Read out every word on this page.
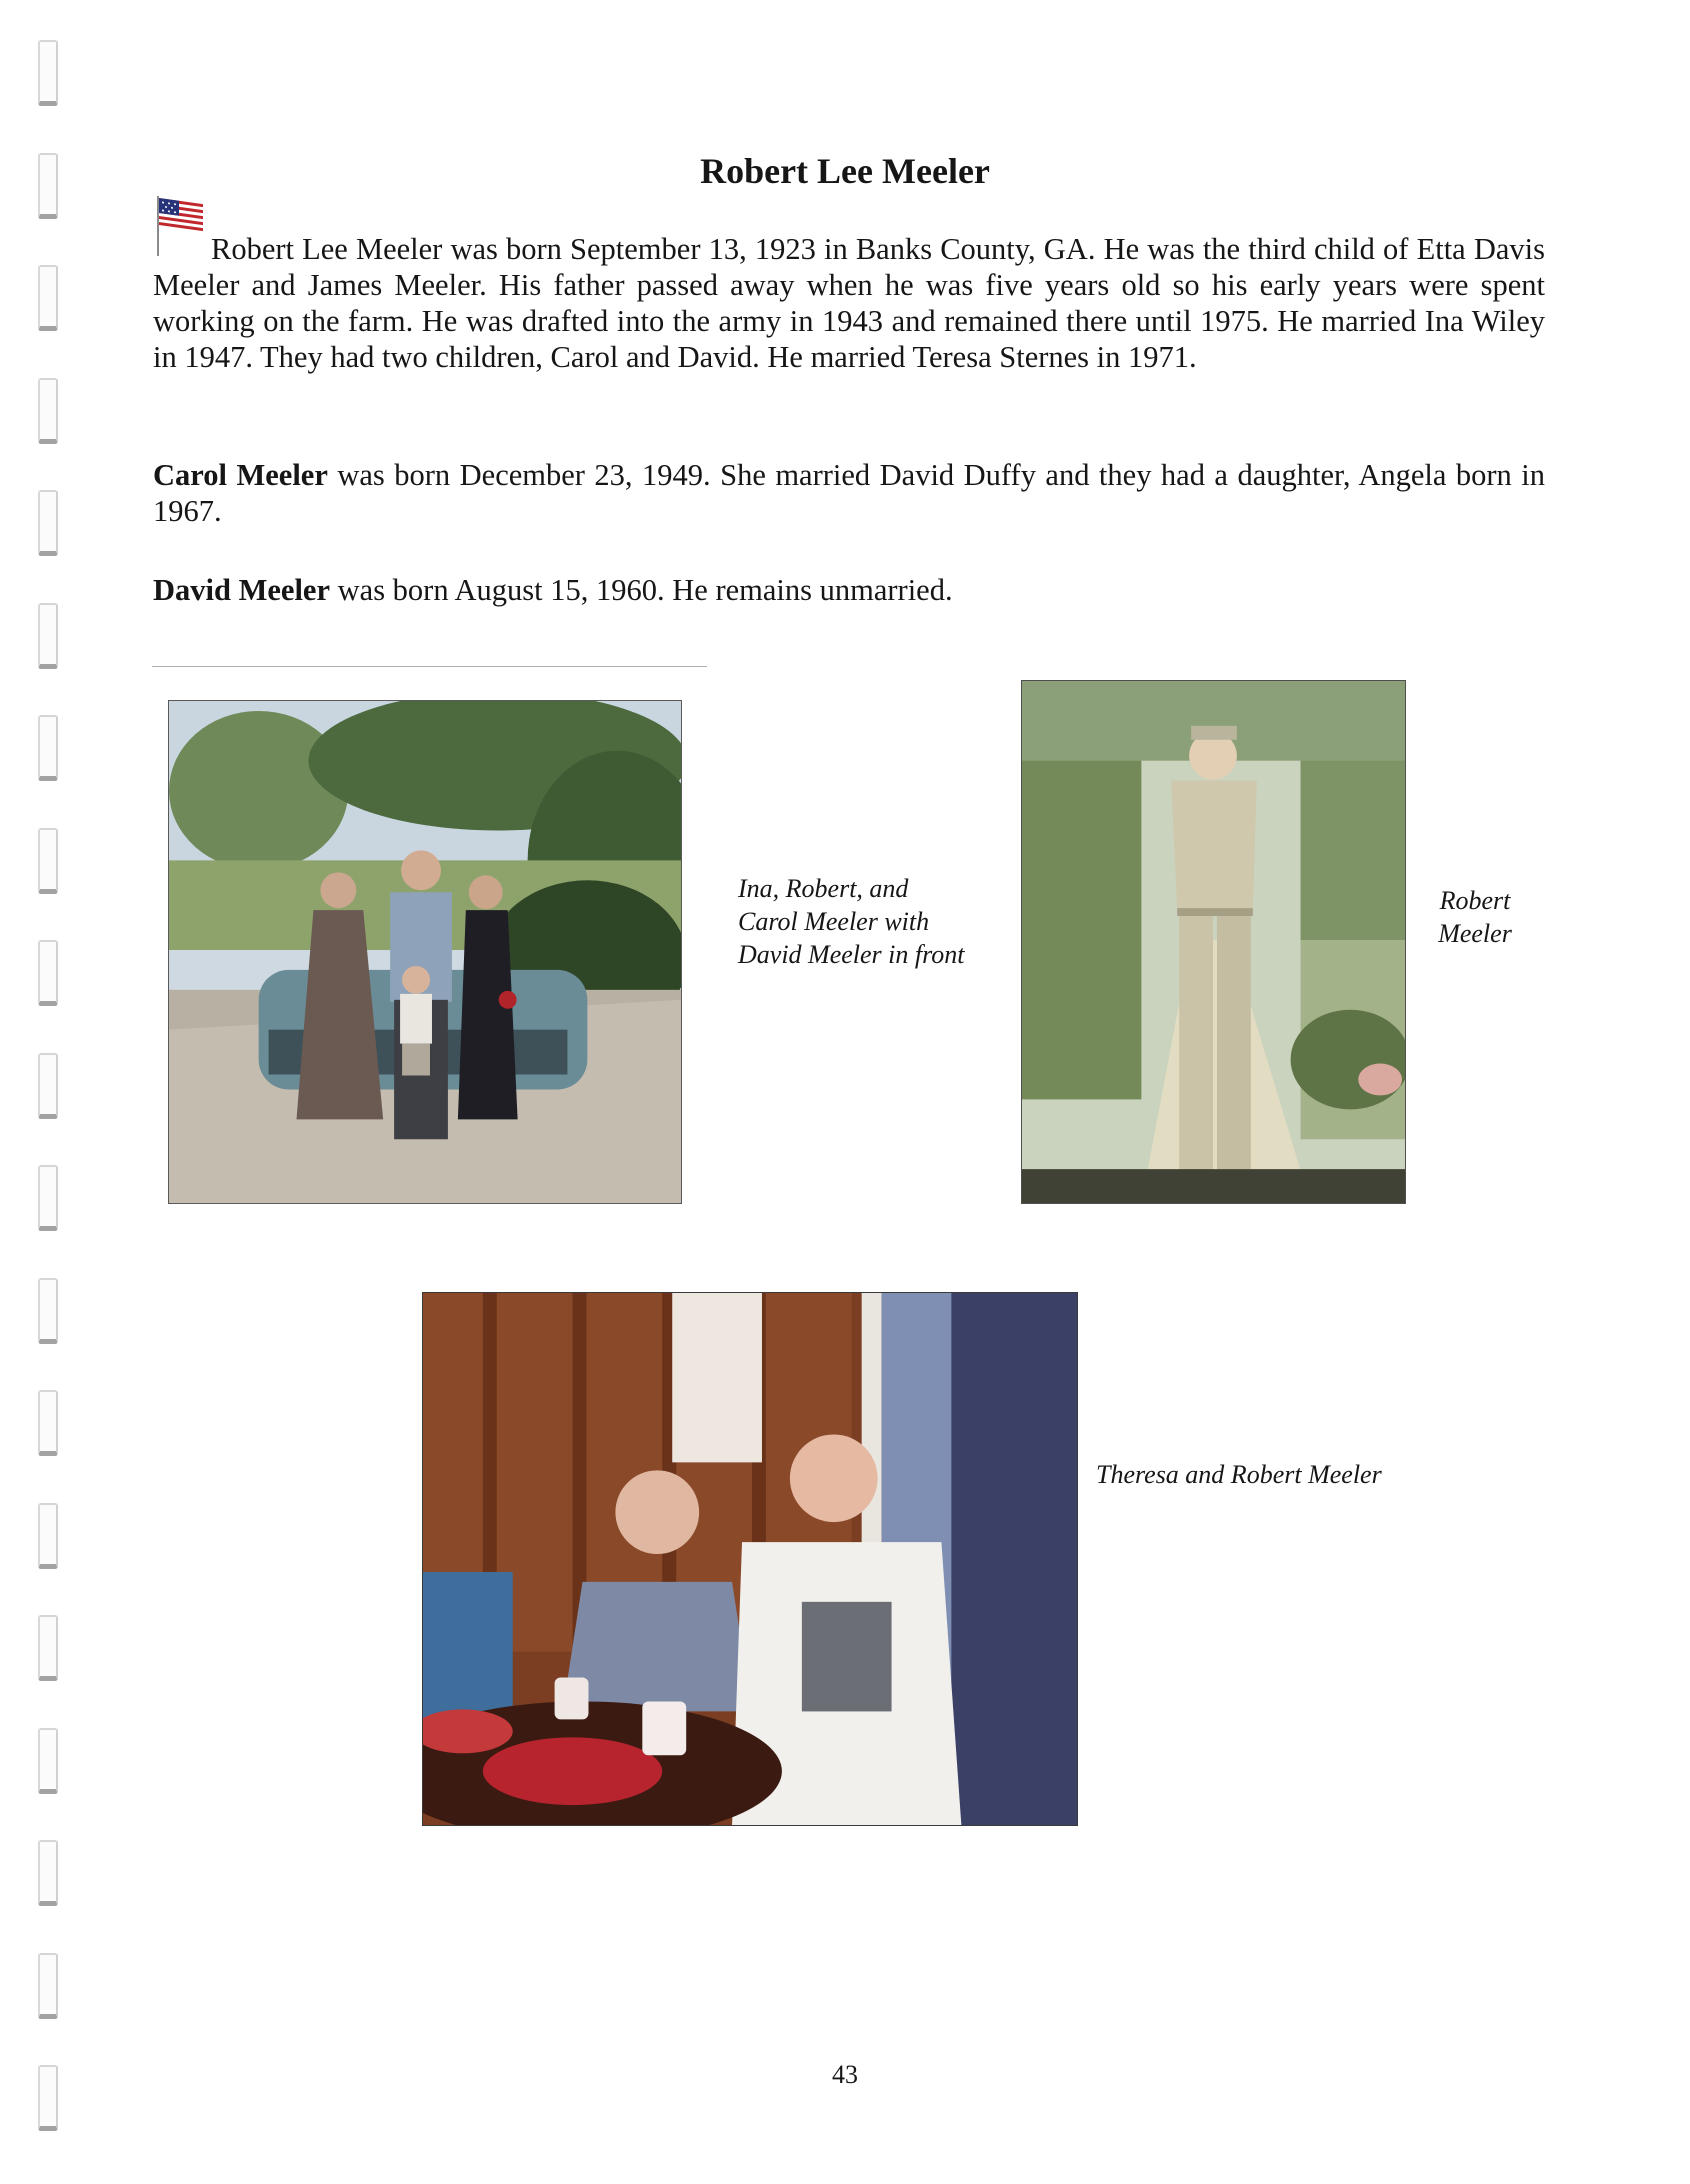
Robert Lee Meeler
Robert Lee Meeler was born September 13, 1923 in Banks County, GA. He was the third child of Etta Davis Meeler and James Meeler. His father passed away when he was five years old so his early years were spent working on the farm. He was drafted into the army in 1943 and remained there until 1975. He married Ina Wiley in 1947. They had two children, Carol and David. He married Teresa Sternes in 1971.
Carol Meeler was born December 23, 1949. She married David Duffy and they had a daughter, Angela born in 1967.
David Meeler was born August 15, 1960. He remains unmarried.
Ina, Robert, and
Carol Meeler with
David Meeler in front
Robert
Meeler
Theresa and Robert Meeler
43
